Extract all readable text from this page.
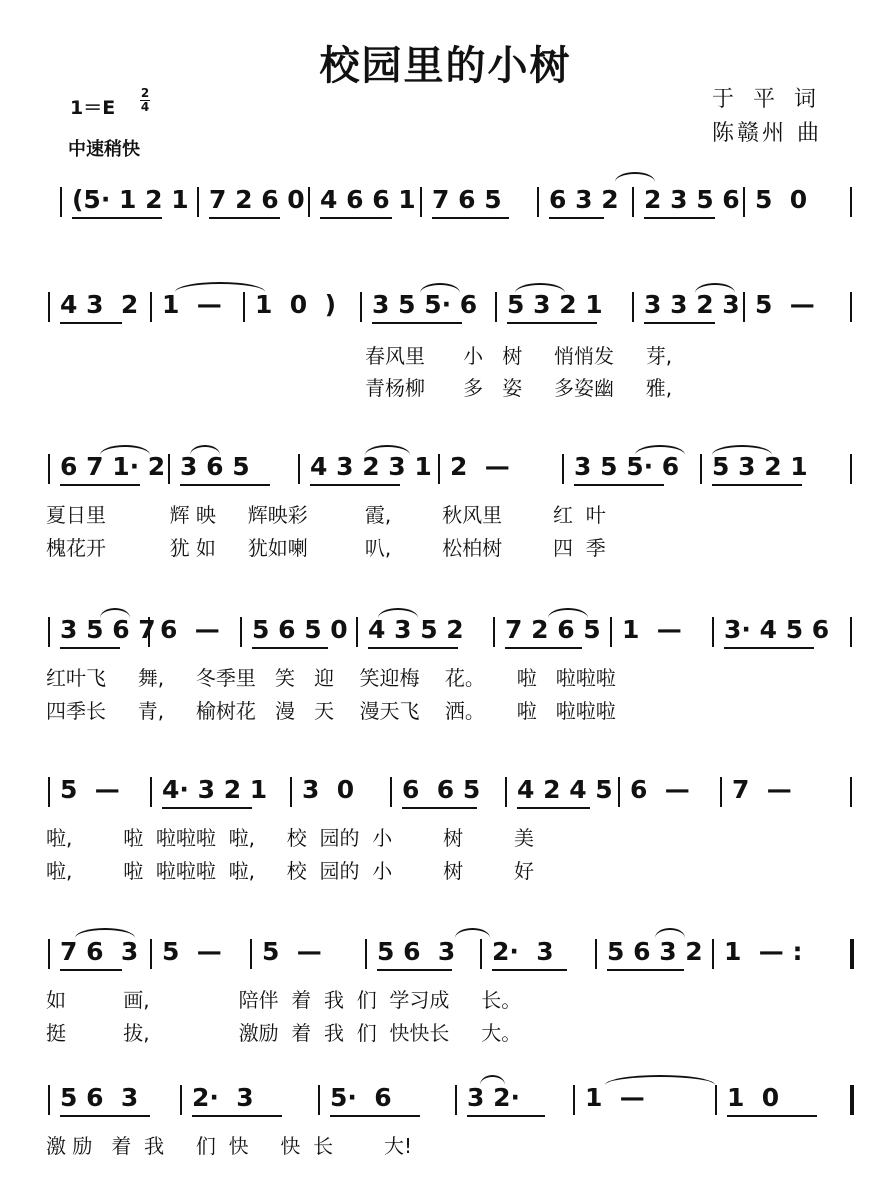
校园里的小树
于 平 词
陈赣州 曲
1＝E
2
4
中速稍快
(5· 1 2 1 7 2 6 0 4 6 6 1 7 6 5 6 3 2 2 3 5 6 5  0
4 3  2 1  — 1  0  ) 3 5 5· 6 5 3 2 1 3 3 2 3 5  —
春风里      小   树     悄悄发     芽,
青杨柳      多   姿     多姿幽     雅,
6 7 1· 2 3 6 5 4 3 2 3 1 2  —	3 5 5· 6 5 3 2 1
夏日里          辉 映     辉映彩         霞,        秋风里        红  叶
槐花开          犹 如     犹如喇         叭,        松柏树        四  季
3 5 6 7 6  — 5 6 5 0 4 3 5 2 7 2 6 5 1  — 3· 4 5 6
红叶飞     舞,     冬季里   笑   迎    笑迎梅    花。     啦   啦啦啦
四季长     青,     榆树花   漫   天    漫天飞    洒。     啦   啦啦啦
5  — 4· 3 2 1 3  0 6  6 5 4 2 4 5 6  — 7  —
啦,        啦  啦啦啦  啦,     校  园的  小        树        美
啦,        啦  啦啦啦  啦,     校  园的  小        树        好
7 6  3 5  — 5  — 5 6  3 2·  3 5 6 3 2 1  — :
如         画,              陪伴  着  我  们  学习成     长。
挺         拔,              激励  着  我  们  快快长     大。
5 6  3 2·  3	5·  6	3 2·	1  —	1  0
激 励   着  我     们  快     快  长        大!
